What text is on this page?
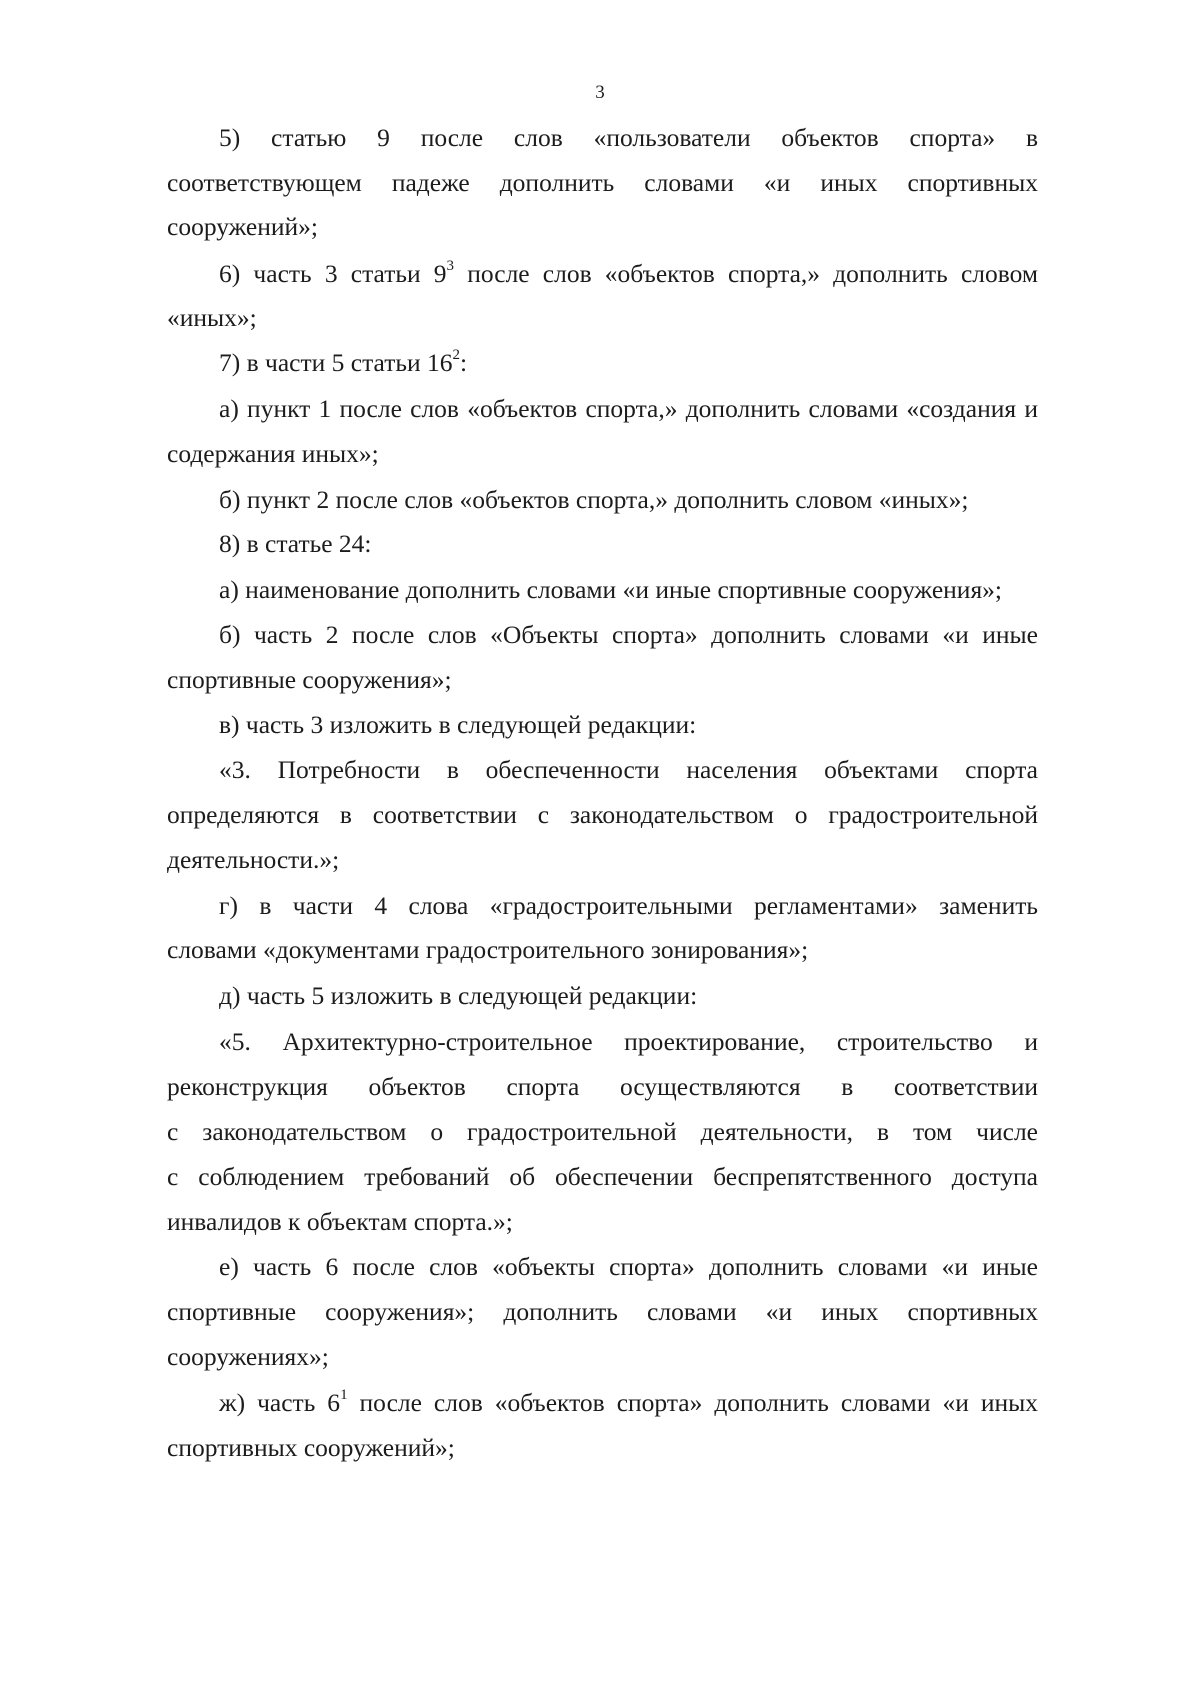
3
5) статью 9 после слов «пользователи объектов спорта» в
соответствующем падеже дополнить словами «и иных спортивных
сооружений»;
6) часть 3 статьи $9^3$ после слов «объектов спорта,» дополнить словом
«иных»;
7) в части 5 статьи $16^2$:
а) пункт 1 после слов «объектов спорта,» дополнить словами «создания и
содержания иных»;
б) пункт 2 после слов «объектов спорта,» дополнить словом «иных»;
8) в статье 24:
а) наименование дополнить словами «и иные спортивные сооружения»;
б) часть 2 после слов «Объекты спорта» дополнить словами «и иные
спортивные сооружения»;
в) часть 3 изложить в следующей редакции:
«3. Потребности в обеспеченности населения объектами спорта
определяются в соответствии с законодательством о градостроительной
деятельности.»;
г) в части 4 слова «градостроительными регламентами» заменить
словами «документами градостроительного зонирования»;
д) часть 5 изложить в следующей редакции:
«5. Архитектурно-строительное проектирование, строительство и
реконструкция объектов спорта осуществляются в соответствии
с законодательством о градостроительной деятельности, в том числе
с соблюдением требований об обеспечении беспрепятственного доступа
инвалидов к объектам спорта.»;
е) часть 6 после слов «объекты спорта» дополнить словами «и иные
спортивные сооружения»; дополнить словами «и иных спортивных
сооружениях»;
ж) часть $6^1$ после слов «объектов спорта» дополнить словами «и иных
спортивных сооружений»;
